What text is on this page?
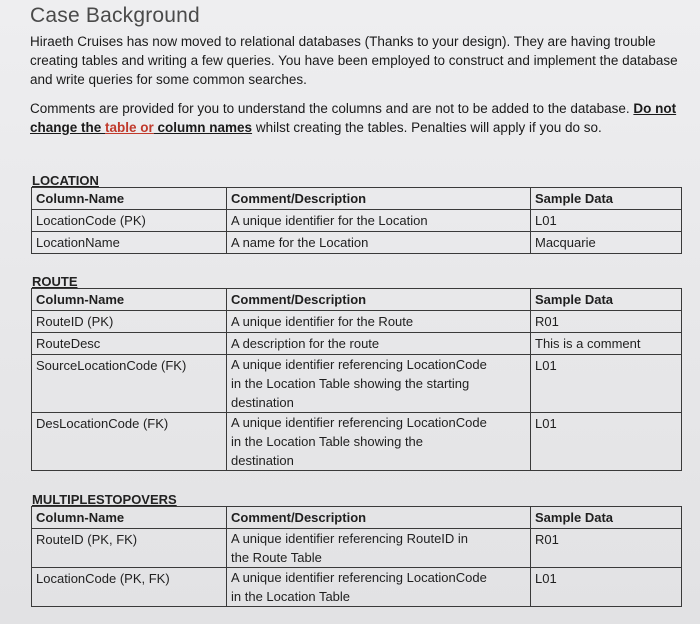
Case Background
Hiraeth Cruises has now moved to relational databases (Thanks to your design). They are having trouble creating tables and writing a few queries. You have been employed to construct and implement the database and write queries for some common searches.
Comments are provided for you to understand the columns and are not to be added to the database. Do not change the table or column names whilst creating the tables. Penalties will apply if you do so.
LOCATION
Column-Name	Comment/Description	Sample Data
LocationCode (PK)	A unique identifier for the Location	L01
LocationName	A name for the Location	Macquarie
ROUTE
Column-Name	Comment/Description	Sample Data
RouteID (PK)	A unique identifier for the Route	R01
RouteDesc	A description for the route	This is a comment
SourceLocationCode (FK)	A unique identifier referencing LocationCode
in the Location Table showing the starting
destination	L01
DesLocationCode (FK)	A unique identifier referencing LocationCode
in the Location Table showing the
destination	L01
MULTIPLESTOPOVERS
Column-Name	Comment/Description	Sample Data
RouteID (PK, FK)	A unique identifier referencing RouteID in
the Route Table	R01
LocationCode (PK, FK)	A unique identifier referencing LocationCode
in the Location Table	L01
